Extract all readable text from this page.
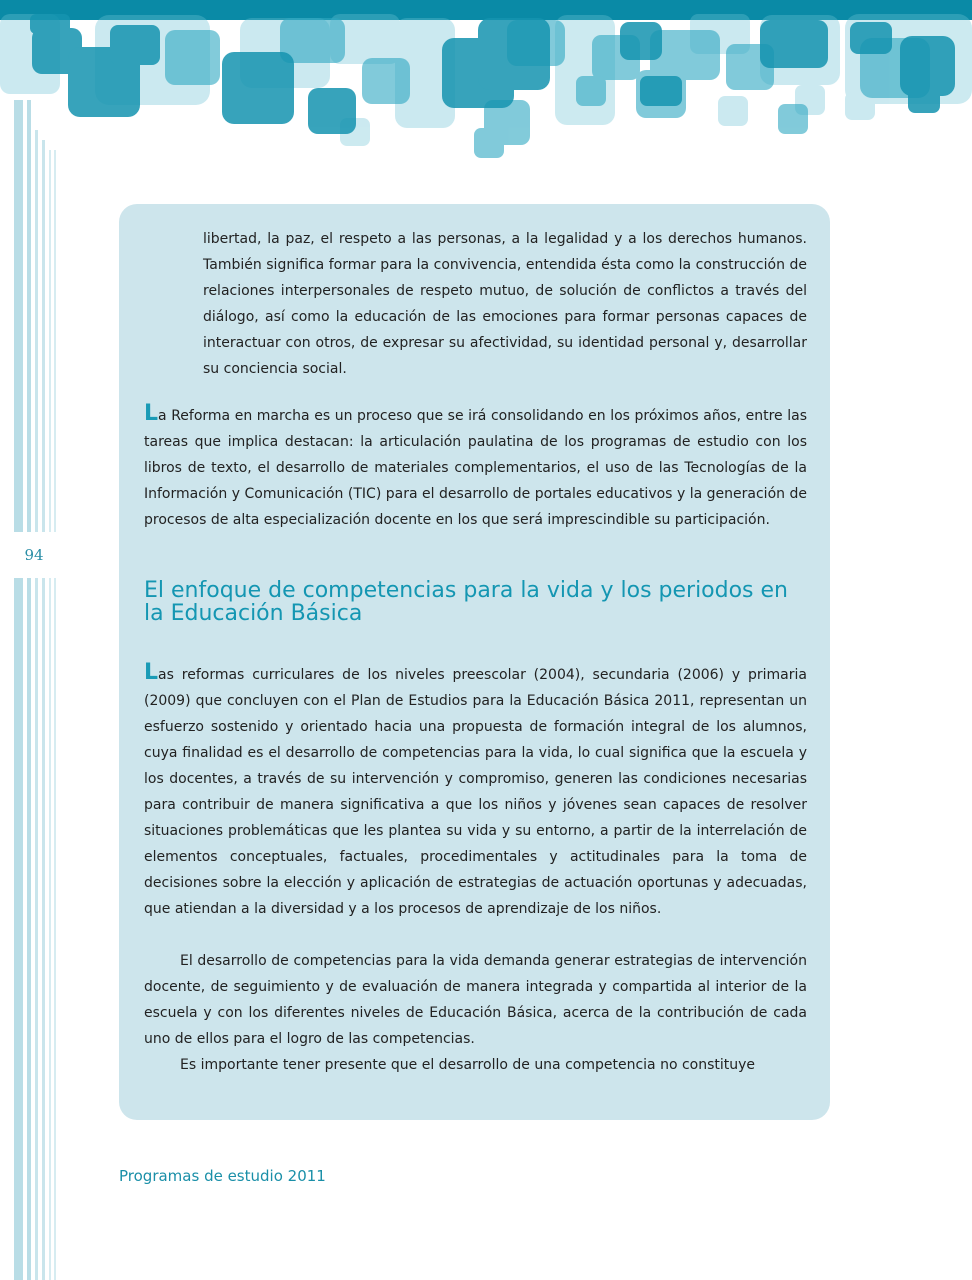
94

libertad, la paz, el respeto a las personas, a la legalidad y a los derechos humanos. También significa formar para la convivencia, entendida ésta como la construcción de relaciones interpersonales de respeto mutuo, de solución de conflictos a través del diálogo, así como la educación de las emociones para formar personas capaces de interactuar con otros, de expresar su afectividad, su identidad personal y, desarrollar su conciencia social.

La Reforma en marcha es un proceso que se irá consolidando en los próximos años, entre las tareas que implica destacan: la articulación paulatina de los programas de estudio con los libros de texto, el desarrollo de materiales complementarios, el uso de las Tecnologías de la Información y Comunicación (TIC) para el desarrollo de portales educativos y la generación de procesos de alta especialización docente en los que será imprescindible su participación.

El enfoque de competencias para la vida y los periodos en la Educación Básica

Las reformas curriculares de los niveles preescolar (2004), secundaria (2006) y primaria (2009) que concluyen con el Plan de Estudios para la Educación Básica 2011, representan un esfuerzo sostenido y orientado hacia una propuesta de formación integral de los alumnos, cuya finalidad es el desarrollo de competencias para la vida, lo cual significa que la escuela y los docentes, a través de su intervención y compromiso, generen las condiciones necesarias para contribuir de manera significativa a que los niños y jóvenes sean capaces de resolver situaciones problemáticas que les plantea su vida y su entorno, a partir de la interrelación de elementos conceptuales, factuales, procedimentales y actitudinales para la toma de decisiones sobre la elección y aplicación de estrategias de actuación oportunas y adecuadas, que atiendan a la diversidad y a los procesos de aprendizaje de los niños.

El desarrollo de competencias para la vida demanda generar estrategias de intervención docente, de seguimiento y de evaluación de manera integrada y compartida al interior de la escuela y con los diferentes niveles de Educación Básica, acerca de la contribución de cada uno de ellos para el logro de las competencias.

Es importante tener presente que el desarrollo de una competencia no constituye

Programas de estudio 2011
